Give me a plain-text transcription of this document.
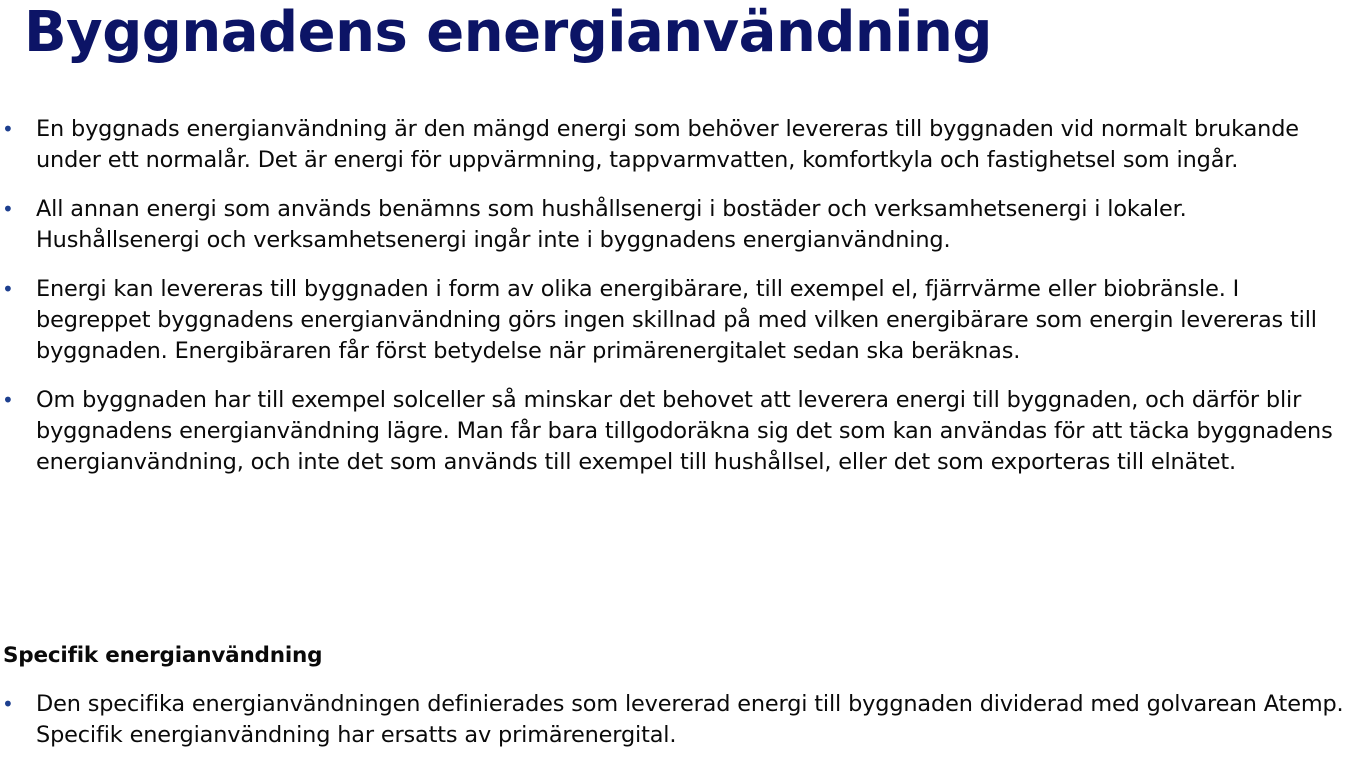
Byggnadens energianvändning
• En byggnads energianvändning är den mängd energi som behöver levereras till byggnaden vid normalt brukande under ett normalår. Det är energi för uppvärmning, tappvarmvatten, komfortkyla och fastighetsel som ingår.
• All annan energi som används benämns som hushållsenergi i bostäder och verksamhetsenergi i lokaler. Hushållsenergi och verksamhetsenergi ingår inte i byggnadens energianvändning.
• Energi kan levereras till byggnaden i form av olika energibärare, till exempel el, fjärrvärme eller biobränsle. I begreppet byggnadens energianvändning görs ingen skillnad på med vilken energibärare som energin levereras till byggnaden. Energibäraren får först betydelse när primärenergitalet sedan ska beräknas.
• Om byggnaden har till exempel solceller så minskar det behovet att leverera energi till byggnaden, och därför blir byggnadens energianvändning lägre. Man får bara tillgodoräkna sig det som kan användas för att täcka byggnadens energianvändning, och inte det som används till exempel till hushållsel, eller det som exporteras till elnätet.
Specifik energianvändning
• Den specifika energianvändningen definierades som levererad energi till byggnaden dividerad med golvarean Atemp. Specifik energianvändning har ersatts av primärenergital.
